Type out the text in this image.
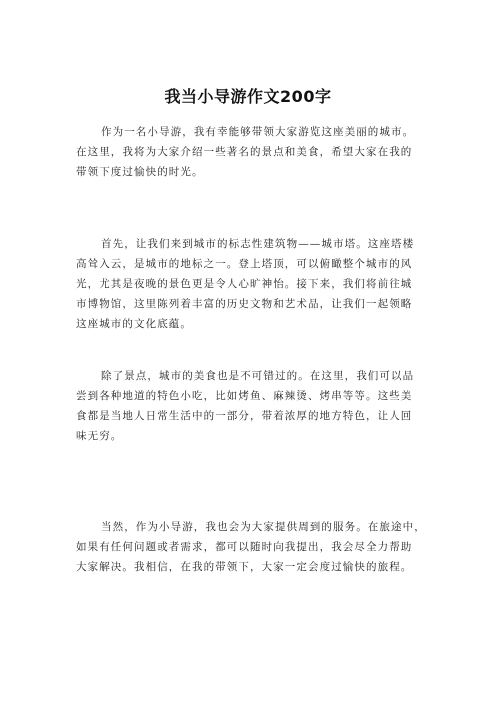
我当小导游作文200字
作为一名小导游，我有幸能够带领大家游览这座美丽的城市。
在这里，我将为大家介绍一些著名的景点和美食，希望大家在我的
带领下度过愉快的时光。
首先，让我们来到城市的标志性建筑物——城市塔。这座塔楼
高耸入云，是城市的地标之一。登上塔顶，可以俯瞰整个城市的风
光，尤其是夜晚的景色更是令人心旷神怡。接下来，我们将前往城
市博物馆，这里陈列着丰富的历史文物和艺术品，让我们一起领略
这座城市的文化底蕴。
除了景点，城市的美食也是不可错过的。在这里，我们可以品
尝到各种地道的特色小吃，比如烤鱼、麻辣烫、烤串等等。这些美
食都是当地人日常生活中的一部分，带着浓厚的地方特色，让人回
味无穷。
当然，作为小导游，我也会为大家提供周到的服务。在旅途中，
如果有任何问题或者需求，都可以随时向我提出，我会尽全力帮助
大家解决。我相信，在我的带领下，大家一定会度过愉快的旅程。
